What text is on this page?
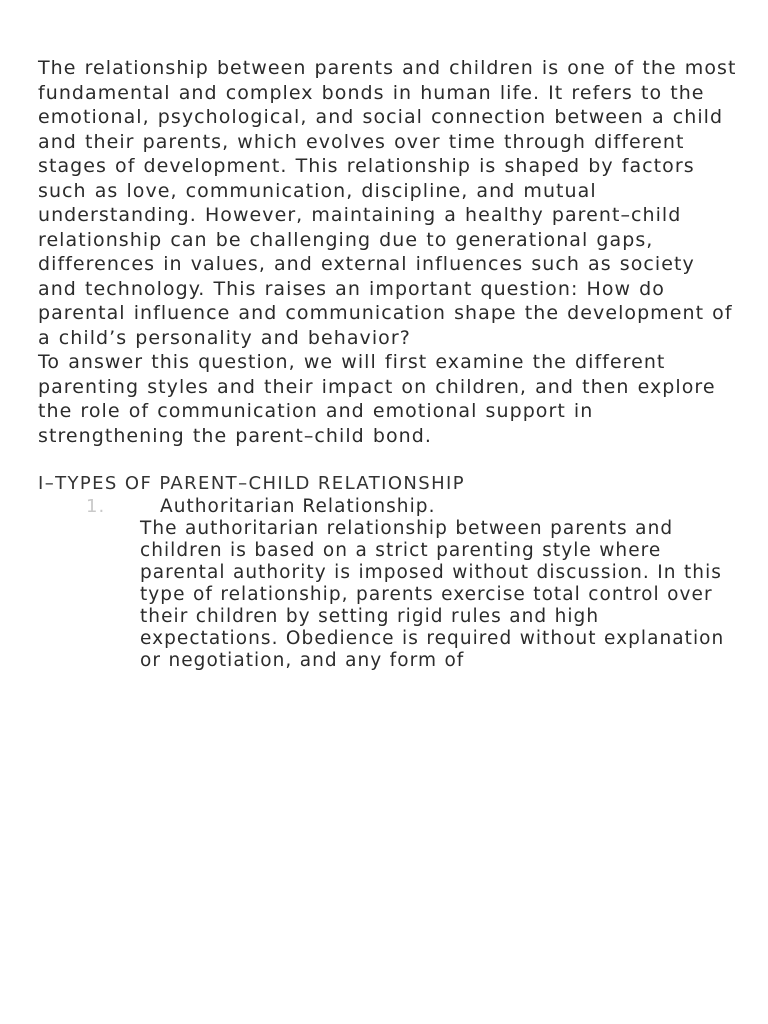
The relationship between parents and children is one of the most fundamental and complex bonds in human life. It refers to the emotional, psychological, and social connection between a child and their parents, which evolves over time through different stages of development. This relationship is shaped by factors such as love, communication, discipline, and mutual understanding. However, maintaining a healthy parent–child relationship can be challenging due to generational gaps, differences in values, and external influences such as society and technology. This raises an important question: How do parental influence and communication shape the development of a child’s personality and behavior?

To answer this question, we will first examine the different parenting styles and their impact on children, and then explore the role of communication and emotional support in strengthening the parent–child bond.

I–TYPES OF PARENT–CHILD RELATIONSHIP
1.	Authoritarian Relationship.

The authoritarian relationship between parents and children is based on a strict parenting style where parental authority is imposed without discussion. In this type of relationship, parents exercise total control over their children by setting rigid rules and high expectations. Obedience is required without explanation or negotiation, and any form of
